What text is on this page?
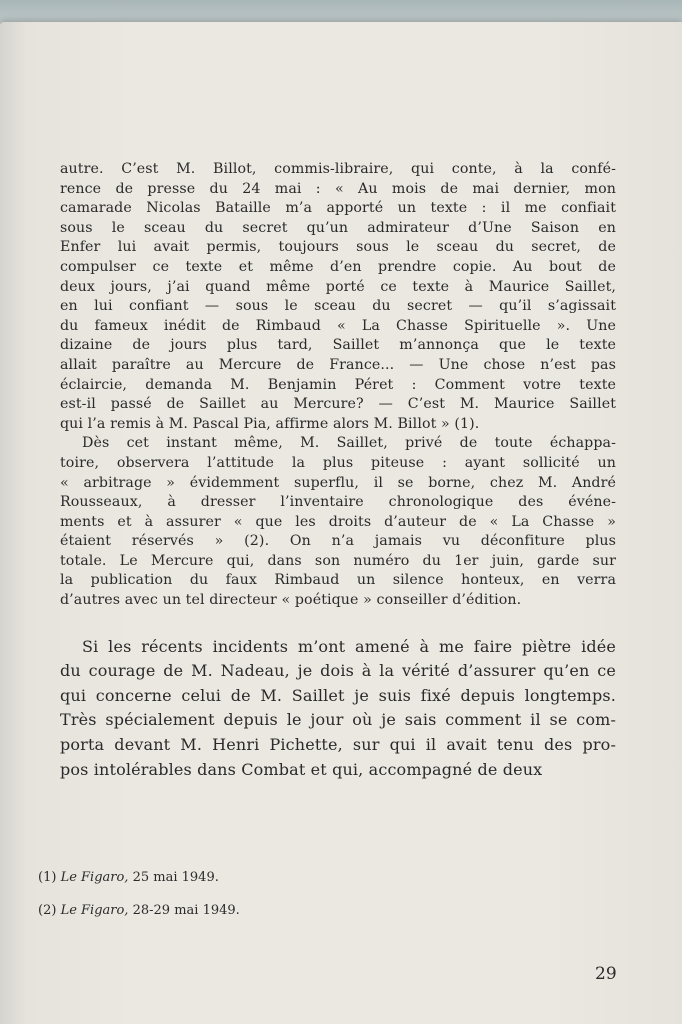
autre. C’est M. Billot, commis-libraire, qui conte, à la confé-
rence de presse du 24 mai : « Au mois de mai dernier, mon
camarade Nicolas Bataille m’a apporté un texte : il me confiait
sous le sceau du secret qu’un admirateur d’Une Saison en
Enfer lui avait permis, toujours sous le sceau du secret, de
compulser ce texte et même d’en prendre copie. Au bout de
deux jours, j’ai quand même porté ce texte à Maurice Saillet,
en lui confiant — sous le sceau du secret — qu’il s’agissait
du fameux inédit de Rimbaud « La Chasse Spirituelle ». Une
dizaine de jours plus tard, Saillet m’annonça que le texte
allait paraître au Mercure de France... — Une chose n’est pas
éclaircie, demanda M. Benjamin Péret : Comment votre texte
est-il passé de Saillet au Mercure? — C’est M. Maurice Saillet
qui l’a remis à M. Pascal Pia, affirme alors M. Billot » (1).

Dès cet instant même, M. Saillet, privé de toute échappa-
toire, observera l’attitude la plus piteuse : ayant sollicité un
« arbitrage » évidemment superflu, il se borne, chez M. André
Rousseaux, à dresser l’inventaire chronologique des événe-
ments et à assurer « que les droits d’auteur de « La Chasse »
étaient réservés » (2). On n’a jamais vu déconfiture plus
totale. Le Mercure qui, dans son numéro du 1er juin, garde sur
la publication du faux Rimbaud un silence honteux, en verra
d’autres avec un tel directeur « poétique » conseiller d’édition.

Si les récents incidents m’ont amené à me faire piètre idée
du courage de M. Nadeau, je dois à la vérité d’assurer qu’en ce
qui concerne celui de M. Saillet je suis fixé depuis longtemps.
Très spécialement depuis le jour où je sais comment il se com-
porta devant M. Henri Pichette, sur qui il avait tenu des pro-
pos intolérables dans Combat et qui, accompagné de deux

(1) Le Figaro, 25 mai 1949.

(2) Le Figaro, 28-29 mai 1949.

29
